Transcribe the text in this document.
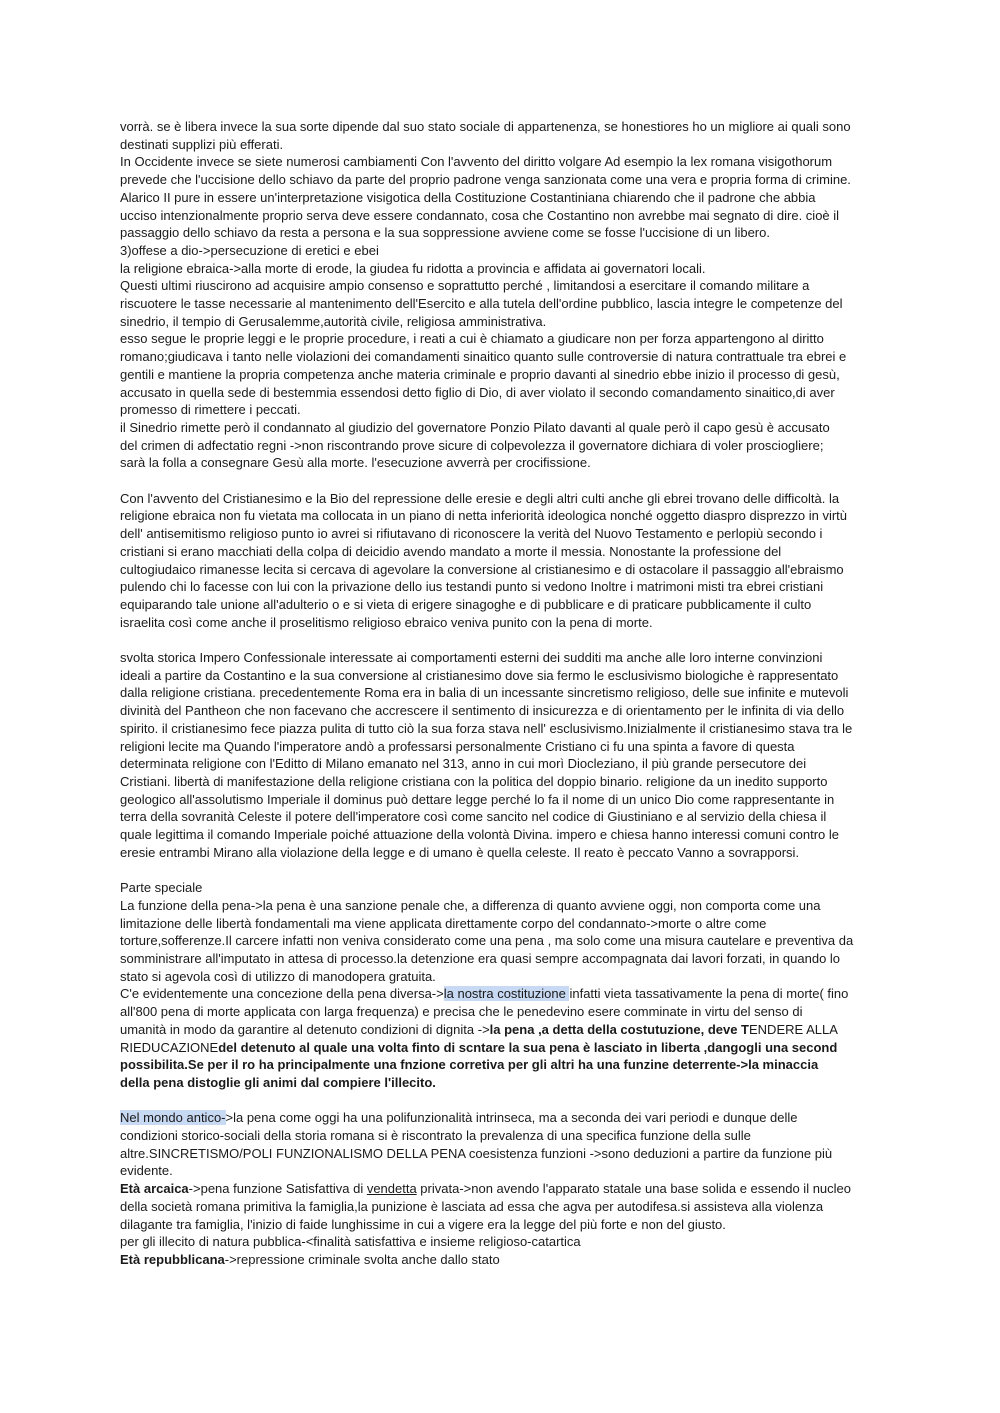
vorrà. se è libera invece la sua sorte dipende dal suo stato sociale di appartenenza, se honestiores ho un migliore ai quali sono

destinati supplizi più efferati.

In Occidente invece se siete numerosi cambiamenti Con l'avvento del diritto volgare Ad esempio la lex romana visigothorum

prevede che l'uccisione dello schiavo da parte del proprio padrone venga sanzionata come una vera e propria forma di crimine.

Alarico II pure in essere un'interpretazione visigotica della Costituzione Costantiniana chiarendo che il padrone che abbia

ucciso intenzionalmente proprio serva deve essere condannato, cosa che Costantino non avrebbe mai segnato di dire. cioè il

passaggio dello schiavo da resta a persona e la sua soppressione avviene come se fosse l'uccisione di un libero.

3)offese a dio->persecuzione di eretici e ebei

la religione ebraica->alla morte di erode, la giudea fu ridotta a provincia e affidata ai governatori locali.

Questi ultimi riuscirono ad acquisire ampio consenso e soprattutto perché , limitandosi a esercitare il comando militare a

riscuotere le tasse necessarie al mantenimento dell'Esercito e alla tutela dell'ordine pubblico, lascia integre le competenze del

sinedrio, il tempio di Gerusalemme,autorità civile, religiosa amministrativa.

esso segue le proprie leggi e le proprie procedure, i reati a cui è chiamato a giudicare non per forza appartengono al diritto

romano;giudicava i tanto nelle violazioni dei comandamenti sinaitico quanto sulle controversie di natura contrattuale tra ebrei e

gentili e mantiene la propria competenza anche materia criminale e proprio davanti al sinedrio ebbe inizio il processo di gesù,

accusato in quella sede di bestemmia essendosi detto figlio di Dio, di aver violato il secondo comandamento sinaitico,di aver

promesso di rimettere i peccati.

il Sinedrio rimette però il condannato al giudizio del governatore Ponzio Pilato davanti al quale però il capo gesù è accusato

del crimen di adfectatio regni ->non riscontrando prove sicure di colpevolezza il governatore dichiara di voler prosciogliere;

sarà la folla a consegnare Gesù alla morte. l'esecuzione avverrà per crocifissione.

Con l'avvento del Cristianesimo e la Bio del repressione delle eresie e degli altri culti anche gli ebrei trovano delle difficoltà. la

religione ebraica non fu vietata ma collocata in un piano di netta inferiorità ideologica nonché oggetto diaspro disprezzo in virtù

dell' antisemitismo religioso punto io avrei si rifiutavano di riconoscere la verità del Nuovo Testamento e perlopiù secondo i

cristiani si erano macchiati della colpa di deicidio avendo mandato a morte il messia. Nonostante la professione del

cultogiudaico rimanesse lecita si cercava di agevolare la conversione al cristianesimo e di ostacolare il passaggio all'ebraismo

pulendo chi lo facesse con lui con la privazione dello ius testandi punto si vedono Inoltre i matrimoni misti tra ebrei cristiani

equiparando tale unione all'adulterio o e si vieta di erigere sinagoghe e di pubblicare e di praticare pubblicamente il culto

israelita così come anche il proselitismo religioso ebraico veniva punito con la pena di morte.

svolta storica Impero Confessionale interessate ai comportamenti esterni dei sudditi ma anche alle loro interne convinzioni

ideali a partire da Costantino e la sua conversione al cristianesimo dove sia fermo le esclusivismo biologiche è rappresentato

dalla religione cristiana. precedentemente Roma era in balia di un incessante sincretismo religioso, delle sue infinite e mutevoli

divinità del Pantheon che non facevano che accrescere il sentimento di insicurezza e di orientamento per le infinita di via dello

spirito. il cristianesimo fece piazza pulita di tutto ciò la sua forza stava nell' esclusivismo.Inizialmente il cristianesimo stava tra le

religioni lecite ma Quando l'imperatore andò a professarsi personalmente Cristiano ci fu una spinta a favore di questa

determinata religione con l'Editto di Milano emanato nel 313, anno in cui morì Diocleziano, il più grande persecutore dei

Cristiani. libertà di manifestazione della religione cristiana con la politica del doppio binario. religione da un inedito supporto

geologico all'assolutismo Imperiale il dominus può dettare legge perché lo fa il nome di un unico Dio come rappresentante in

terra della sovranità Celeste il potere dell'imperatore così come sancito nel codice di Giustiniano e al servizio della chiesa il

quale legittima il comando Imperiale poiché attuazione della volontà Divina. impero e chiesa hanno interessi comuni contro le

eresie entrambi Mirano alla violazione della legge e di umano è quella celeste. Il reato è peccato Vanno a sovrapporsi.

Parte speciale

La funzione della pena->la pena è una sanzione penale che, a differenza di quanto avviene oggi, non comporta come una

limitazione delle libertà fondamentali ma viene applicata direttamente corpo del condannato->morte o altre come

torture,sofferenze.Il carcere infatti non veniva considerato come una pena , ma solo come una misura cautelare e preventiva da

somministrare all'imputato in attesa di processo.la detenzione era quasi sempre accompagnata dai lavori forzati, in quando lo

stato si agevola così di utilizzo di manodopera gratuita.

C'e evidentemente una concezione della pena diversa->la nostra costituzione infatti vieta tassativamente la pena di morte( fino

all'800 pena di morte applicata con larga frequenza) e precisa che le penedevino esere comminate in virtu del senso di

umanità in modo da garantire al detenuto condizioni di dignita ->la pena ,a detta della costutuzione, deve TENDERE ALLA

RIEDUCAZIONEdel detenuto al quale una volta finto di scntare la sua pena è lasciato in liberta ,dangogli una second

possibilita.Se per il ro ha principalmente una fnzione corretiva per gli altri ha una funzine deterrente->la minaccia

della pena distoglie gli animi dal compiere l'illecito.

Nel mondo antico->la pena come oggi ha una polifunzionalità intrinseca, ma a seconda dei vari periodi e dunque delle

condizioni storico-sociali della storia romana si è riscontrato la prevalenza di una specifica funzione della sulle

altre.SINCRETISMO/POLI FUNZIONALISMO DELLA PENA coesistenza funzioni ->sono deduzioni a partire da funzione più

evidente.

Età arcaica->pena funzione Satisfattiva di vendetta privata->non avendo l'apparato statale una base solida e essendo il nucleo

della società romana primitiva la famiglia,la punizione è lasciata ad essa che agva per autodifesa.si assisteva alla violenza

dilagante tra famiglia, l'inizio di faide lunghissime in cui a vigere era la legge del più forte e non del giusto.

per gli illecito di natura pubblica-<finalità satisfattiva e insieme religioso-catartica

Età repubblicana->repressione criminale svolta anche dallo stato
